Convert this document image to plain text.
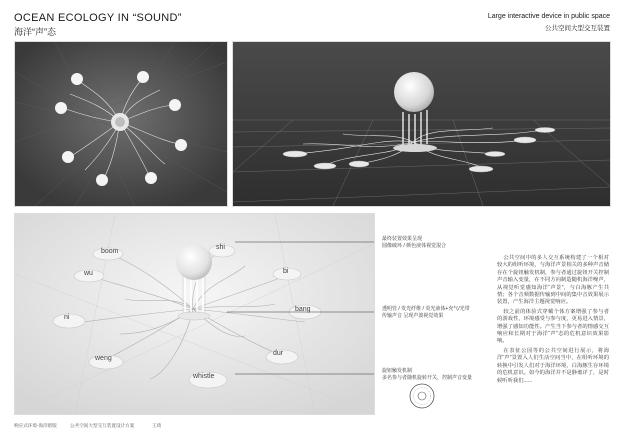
OCEAN ECOLOGY IN “SOUND”
海洋“声”态
Large interactive device in public space
公共空间大型交互装置
boom
shi
wu	bi
ni
bang
weng
dur
whistle
最终装置效果呈现
圆像破环 / 颜色液体视觉混合
透明管 / 发光纤维 / 荧光液体+充气/光带
传输声音 呈现声波视觉效果
旋钮触发机制
多名参与者随机旋转开关，控制声音变量

公共空间中的多人交互系统构建了一个相对较大的组听环境，与海洋声景相关的多种声音储存在个旋钮触发机制，参与者通过旋钮开关控制声音输入变量，在不同方向制造随机海洋噪声，从视觉听觉感知海洋“声景”，与白海豚产生共情；各个音频数据传输到中间的集中音效果展示装置，产生海洋主题视觉响应。

较之前的体验式穿戴个体方案增强了参与者的游戏性，环境感受与参与度，更易进入情景，增强了感知功能性。产生当下参与者的情感交互响应和长期对于海洋“声”态的危机意识效果影响。

在表征公园等的公共空间进行展示，将海洋“声”景置入人们生活空间当中，在组听环境的转换中引发人们对于海洋环境，白海豚生存环境的危机意识。如今的海洋并不是静谧详了，是时候听听我们......

响应式环境-海洋暗版	公共空间大型交互装置设计方案	王琦
